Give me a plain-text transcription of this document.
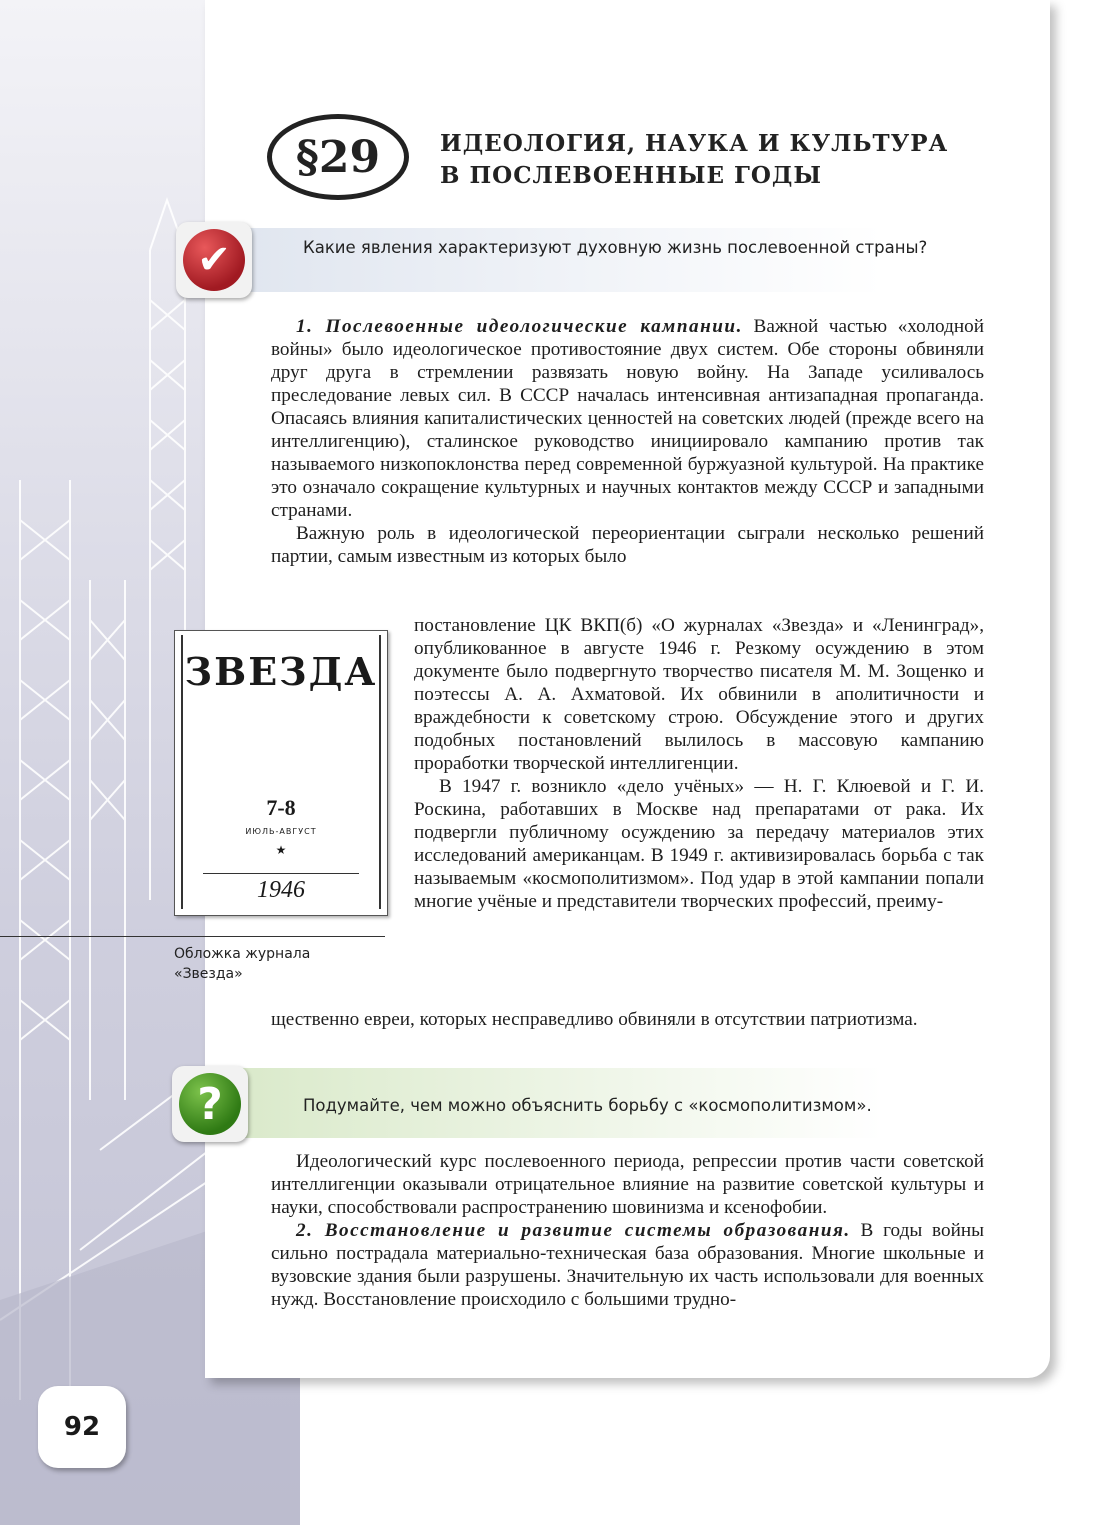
§29	ИДЕОЛОГИЯ, НАУКА И КУЛЬТУРА
В ПОСЛЕВОЕННЫЕ ГОДЫ
✔	Какие явления характеризуют духовную жизнь послевоенной страны?

1. Послевоенные идеологические кампании. Важной частью «холодной войны» было идеологическое противостояние двух систем. Обе стороны обвиняли друг друга в стремлении развязать новую войну. На Западе усиливалось преследование левых сил. В СССР началась интенсивная антизападная пропаганда. Опасаясь влияния капиталистических ценностей на советских людей (прежде всего на интеллигенцию), сталинское руководство инициировало кампанию против так называемого низкопоклонства перед современной буржуазной культурой. На практике это означало сокращение культурных и научных контактов между СССР и западными странами.

Важную роль в идеологической переориентации сыграли несколько решений партии, самым известным из которых было

постановление ЦК ВКП(б) «О журналах «Звезда» и «Ленинград», опубликованное в августе 1946 г. Резкому осуждению в этом документе было подвергнуто творчество писателя М. М. Зощенко и поэтессы А. А. Ахматовой. Их обвинили в аполитичности и враждебности к советскому строю. Обсуждение этого и других подобных постановлений вылилось в массовую кампанию проработки творческой интеллигенции.

В 1947 г. возникло «дело учёных» — Н. Г. Клюевой и Г. И. Роскина, работавших в Москве над препаратами от рака. Их подвергли публичному осуждению за передачу материалов этих исследований американцам. В 1949 г. активизировалась борьба с так называемым «космополитизмом». Под удар в этой кампании попали многие учёные и представители творческих профессий, преиму-

щественно евреи, которых несправедливо обвиняли в отсутствии патриотизма.

ЗВЕЗДА
7-8
ИЮЛЬ-АВГУСТ
★
1946
Обложка журнала «Звезда»
?	Подумайте, чем можно объяснить борьбу с «космополитизмом».

Идеологический курс послевоенного периода, репрессии против части советской интеллигенции оказывали отрицательное влияние на развитие советской культуры и науки, способствовали распространению шовинизма и ксенофобии.

2. Восстановление и развитие системы образования. В годы войны сильно пострадала материально-техническая база образования. Многие школьные и вузовские здания были разрушены. Значительную их часть использовали для военных нужд. Восстановление происходило с большими трудно-

92
